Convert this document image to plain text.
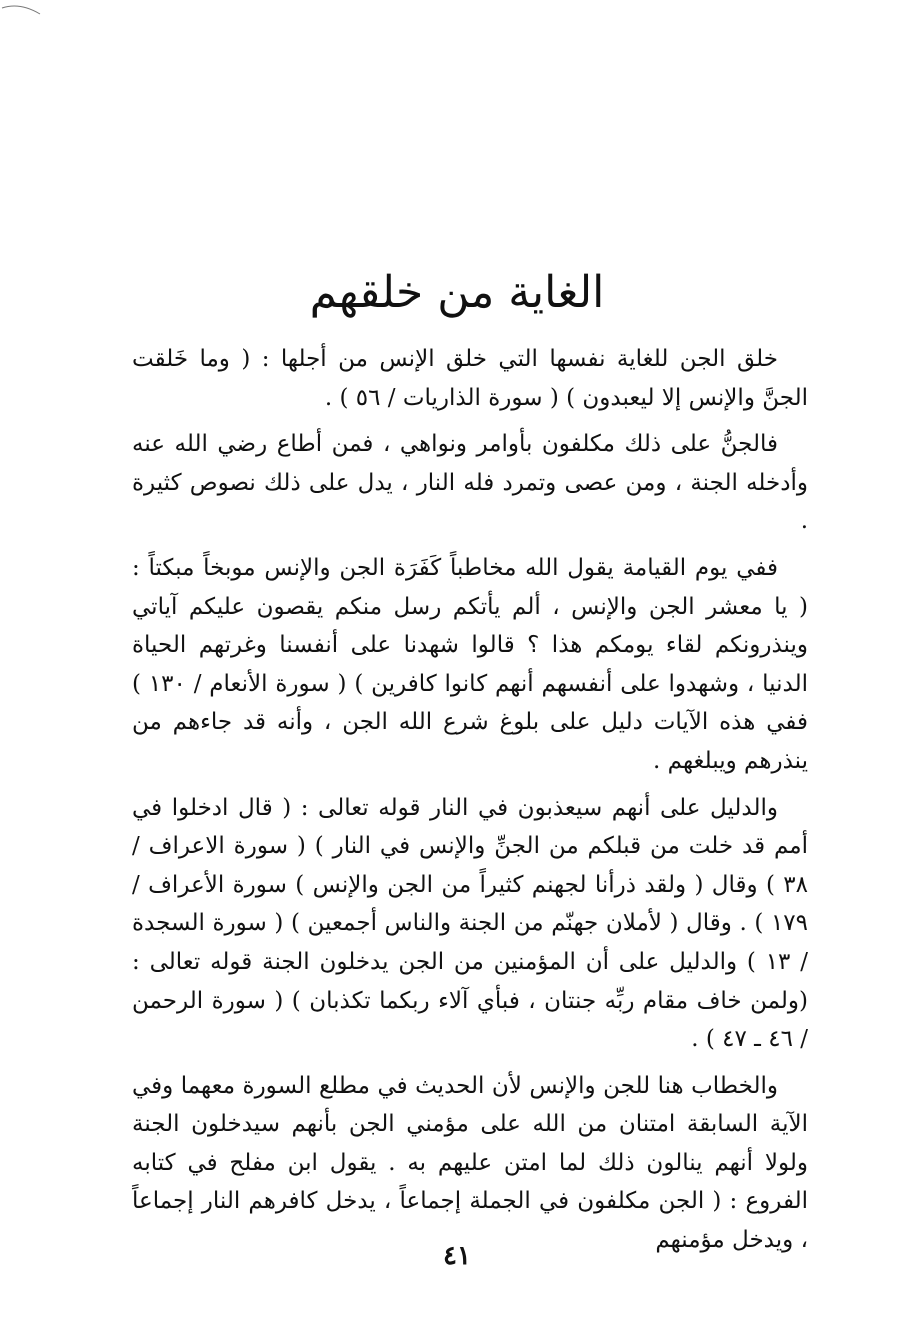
الغاية من خلقهم

خلق الجن للغاية نفسها التي خلق الإنس من أجلها : ( وما خَلقت الجنَّ والإنس إلا ليعبدون ) ( سورة الذاريات / ٥٦ ) .

فالجنُّ على ذلك مكلفون بأوامر ونواهي ، فمن أطاع رضي الله عنه وأدخله الجنة ، ومن عصى وتمرد فله النار ، يدل على ذلك نصوص كثيرة .

ففي يوم القيامة يقول الله مخاطباً كَفَرَة الجن والإنس موبخاً مبكتاً : ( يا معشر الجن والإنس ، ألم يأتكم رسل منكم يقصون عليكم آياتي وينذرونكم لقاء يومكم هذا ؟ قالوا شهدنا على أنفسنا وغرتهم الحياة الدنيا ، وشهدوا على أنفسهم أنهم كانوا كافرين ) ( سورة الأنعام / ١٣٠ ) ففي هذه الآيات دليل على بلوغ شرع الله الجن ، وأنه قد جاءهم من ينذرهم ويبلغهم .

والدليل على أنهم سيعذبون في النار قوله تعالى : ( قال ادخلوا في أمم قد خلت من قبلكم من الجنِّ والإنس في النار ) ( سورة الاعراف / ٣٨ ) وقال ( ولقد ذرأنا لجهنم كثيراً من الجن والإنس ) سورة الأعراف / ١٧٩ ) . وقال ( لأملان جهنّم من الجنة والناس أجمعين ) ( سورة السجدة / ١٣ ) والدليل على أن المؤمنين من الجن يدخلون الجنة قوله تعالى :(ولمن خاف مقام ربِّه جنتان ، فبأي آلاء ربكما تكذبان ) ( سورة الرحمن / ٤٦ ـ ٤٧ ) .

والخطاب هنا للجن والإنس لأن الحديث في مطلع السورة معهما وفي الآية السابقة امتنان من الله على مؤمني الجن بأنهم سيدخلون الجنة ولولا أنهم ينالون ذلك لما امتن عليهم به . يقول ابن مفلح في كتابه الفروع : ( الجن مكلفون في الجملة إجماعاً ، يدخل كافرهم النار إجماعاً ، ويدخل مؤمنهم

٤١
